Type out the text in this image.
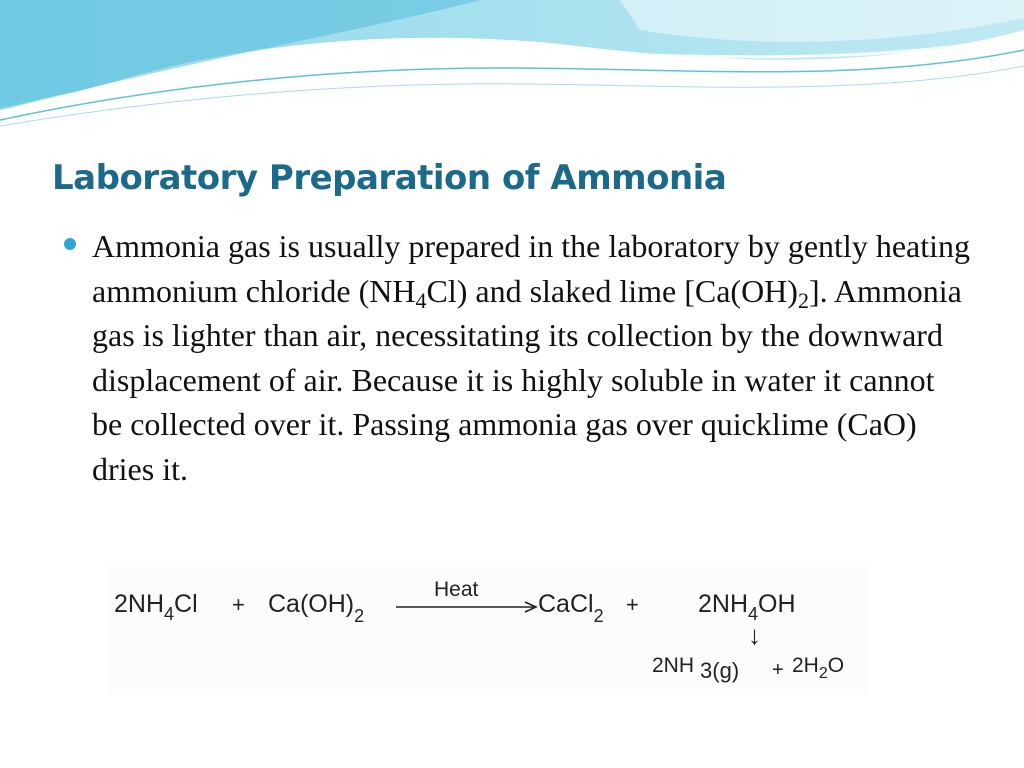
Laboratory Preparation of Ammonia

Ammonia gas is usually prepared in the laboratory by gently heating ammonium chloride $(NH_4Cl)$ and slaked lime $[Ca(OH)_2]$. Ammonia gas is lighter than air, necessitating its collection by the downward displacement of air. Because it is highly soluble in water it cannot be collected over it. Passing ammonia gas over quicklime (CaO) dries it.

$2NH_4Cl + Ca(OH)_2$
Heat
CaCl$_2$ + $2NH_4OH$
↓
2NH $3(g) + 2H_2O$
